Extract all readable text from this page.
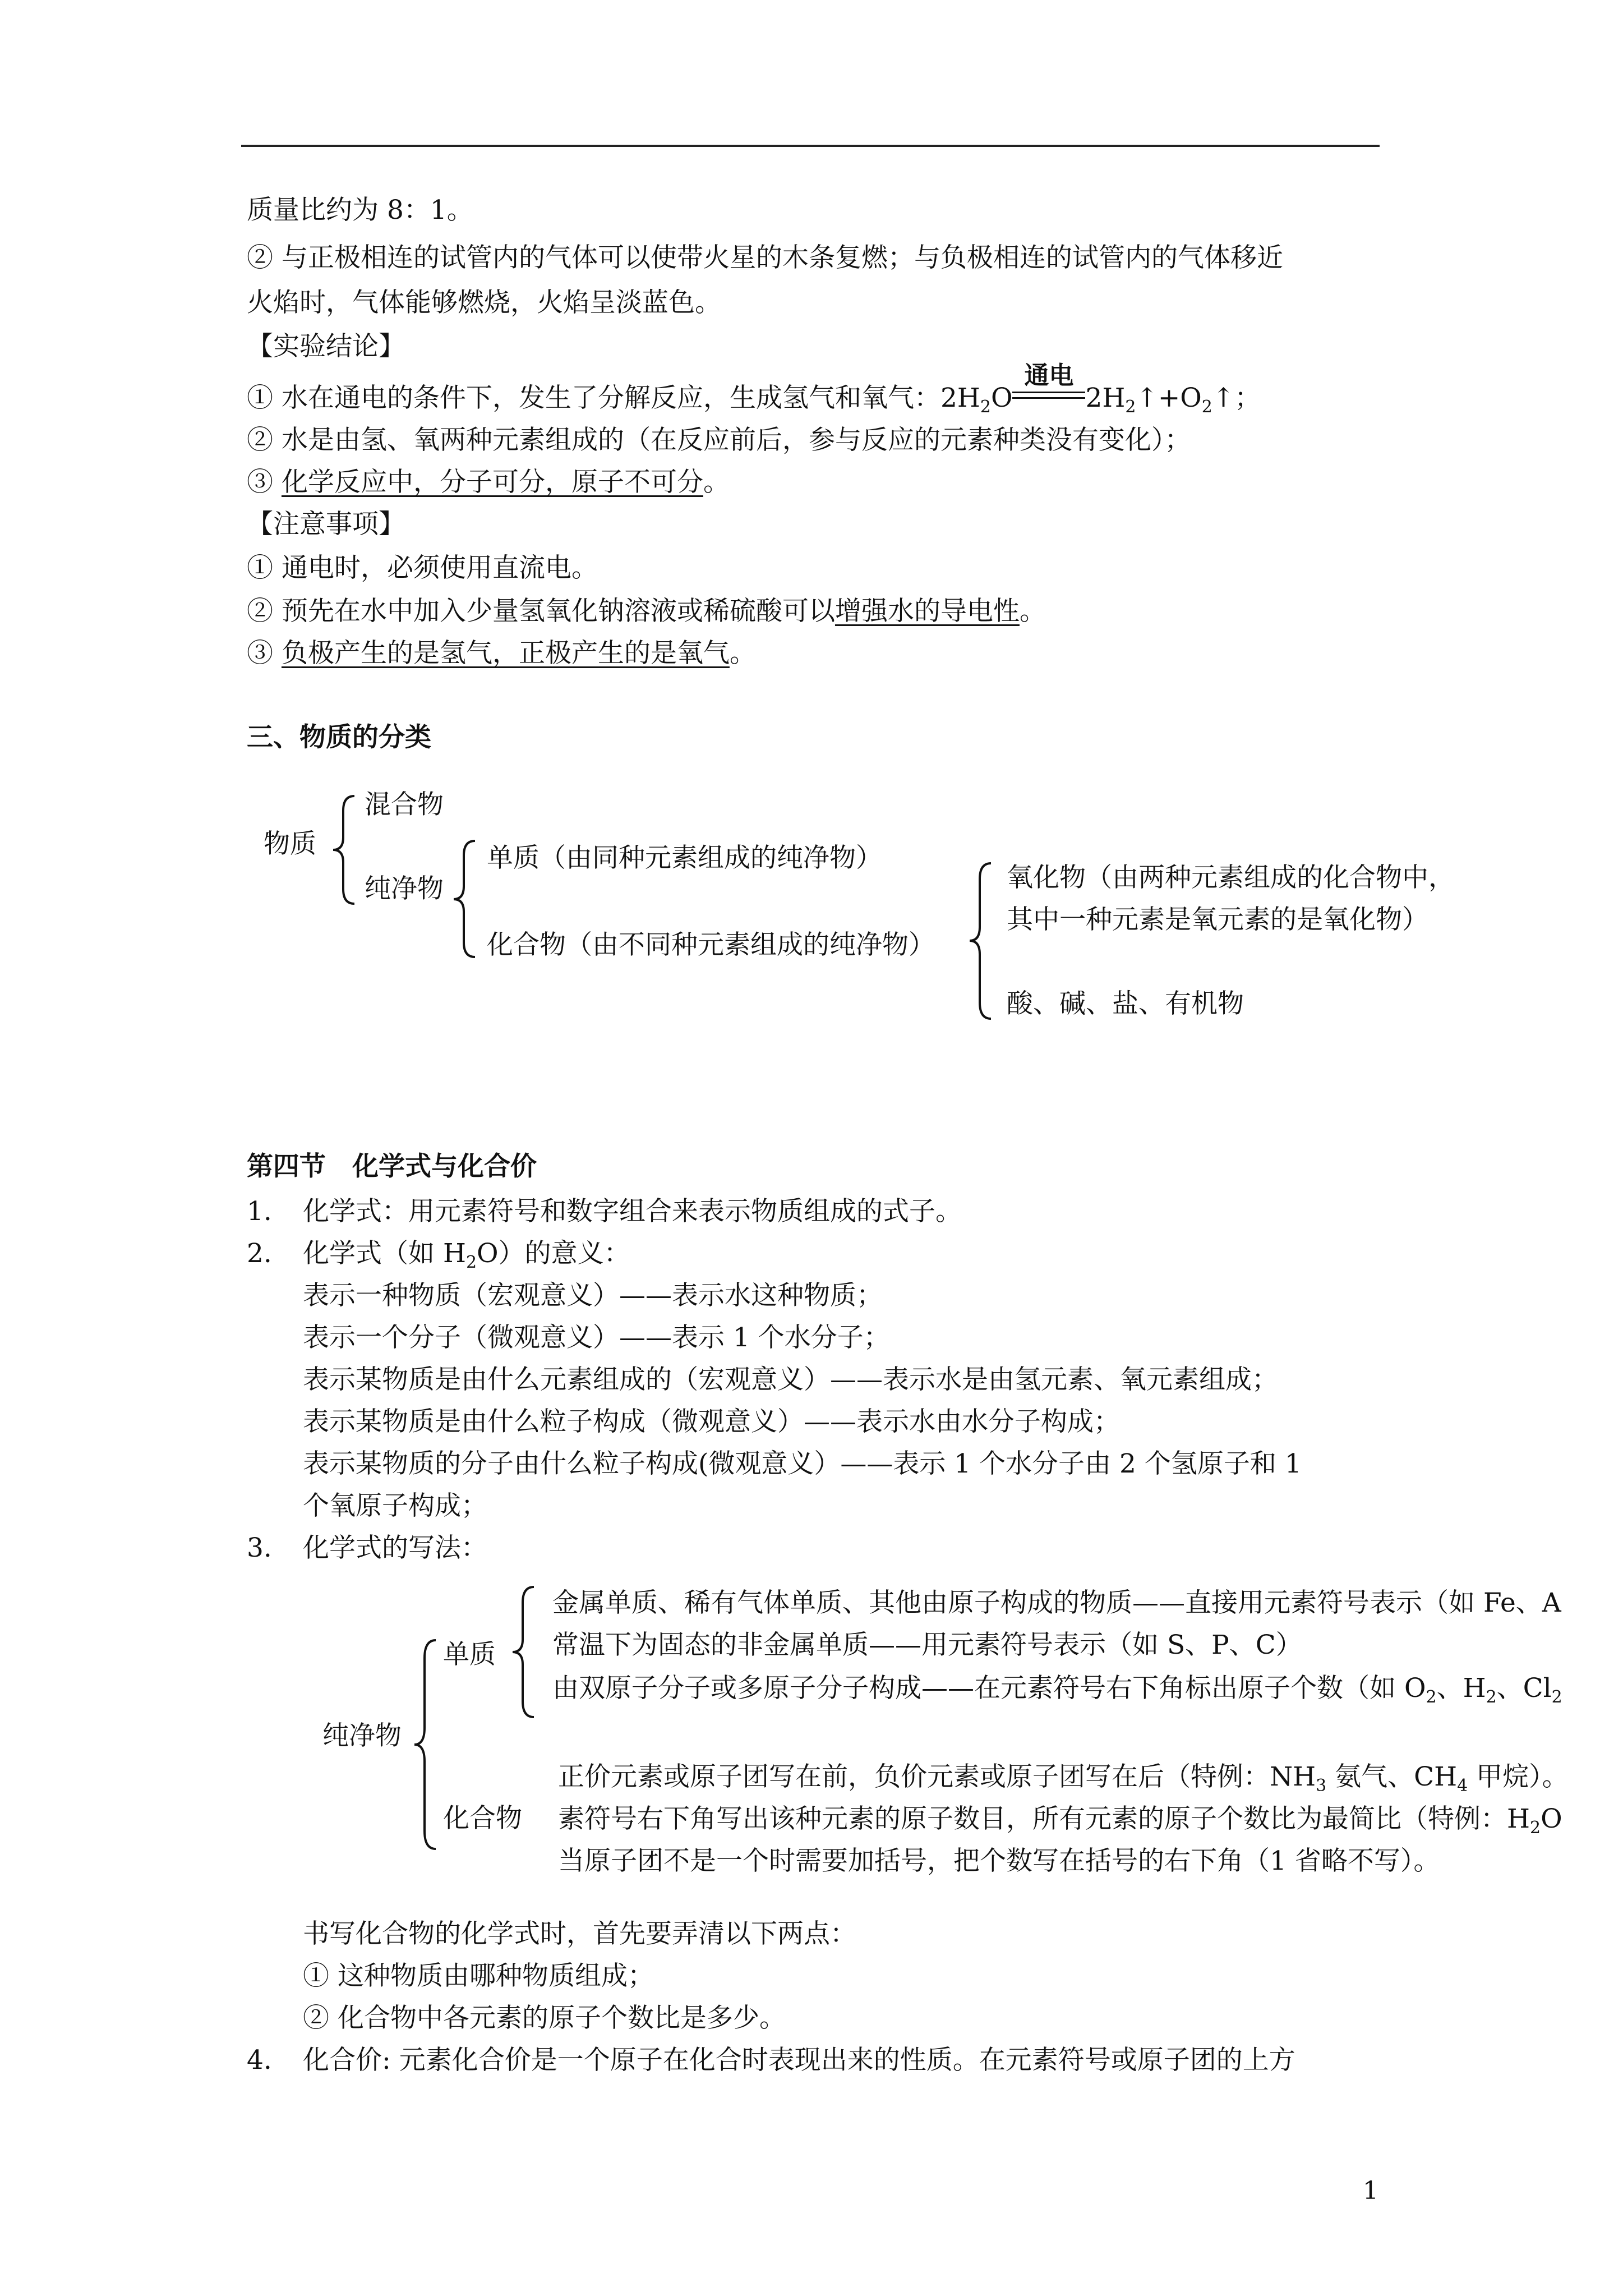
质量比约为 8：1。
② 与正极相连的试管内的气体可以使带火星的木条复燃；与负极相连的试管内的气体移近
火焰时，气体能够燃烧，火焰呈淡蓝色。
【实验结论】
① 水在通电的条件下，发生了分解反应，生成氢气和氧气：$2H_2O$
通电
$2H_2↑+O_2↑$；
② 水是由氢、氧两种元素组成的（在反应前后，参与反应的元素种类没有变化）；
③ 化学反应中，分子可分，原子不可分。
【注意事项】
① 通电时，必须使用直流电。
② 预先在水中加入少量氢氧化钠溶液或稀硫酸可以增强水的导电性。
③ 负极产生的是氢气，正极产生的是氧气。
三、物质的分类
物质
混合物
纯净物
单质（由同种元素组成的纯净物）
化合物（由不同种元素组成的纯净物）
氧化物（由两种元素组成的化合物中，
其中一种元素是氧元素的是氧化物）
酸、碱、盐、有机物
第四节　化学式与化合价
1. 化学式：用元素符号和数字组合来表示物质组成的式子。
2. 化学式（如 $H_2O$）的意义：
表示一种物质（宏观意义）——表示水这种物质；
表示一个分子（微观意义）——表示 1 个水分子；
表示某物质是由什么元素组成的（宏观意义）——表示水是由氢元素、氧元素组成；
表示某物质是由什么粒子构成（微观意义）——表示水由水分子构成；
表示某物质的分子由什么粒子构成(微观意义）——表示 1 个水分子由 2 个氢原子和 1
个氧原子构成；
3. 化学式的写法：
纯净物
单质
金属单质、稀有气体单质、其他由原子构成的物质——直接用元素符号表示（如 Fe、A
常温下为固态的非金属单质——用元素符号表示（如 S、P、C）
由双原子分子或多原子分子构成——在元素符号右下角标出原子个数（如 $O_2$、$H_2$、$Cl_2$
化合物
正价元素或原子团写在前，负价元素或原子团写在后（特例：$NH_3$ 氨气、$CH_4$ 甲烷）。
素符号右下角写出该种元素的原子数目，所有元素的原子个数比为最简比（特例：$H_2O$
当原子团不是一个时需要加括号，把个数写在括号的右下角（1 省略不写）。
书写化合物的化学式时，首先要弄清以下两点：
① 这种物质由哪种物质组成；
② 化合物中各元素的原子个数比是多少。
4. 化合价: 元素化合价是一个原子在化合时表现出来的性质。在元素符号或原子团的上方
1
